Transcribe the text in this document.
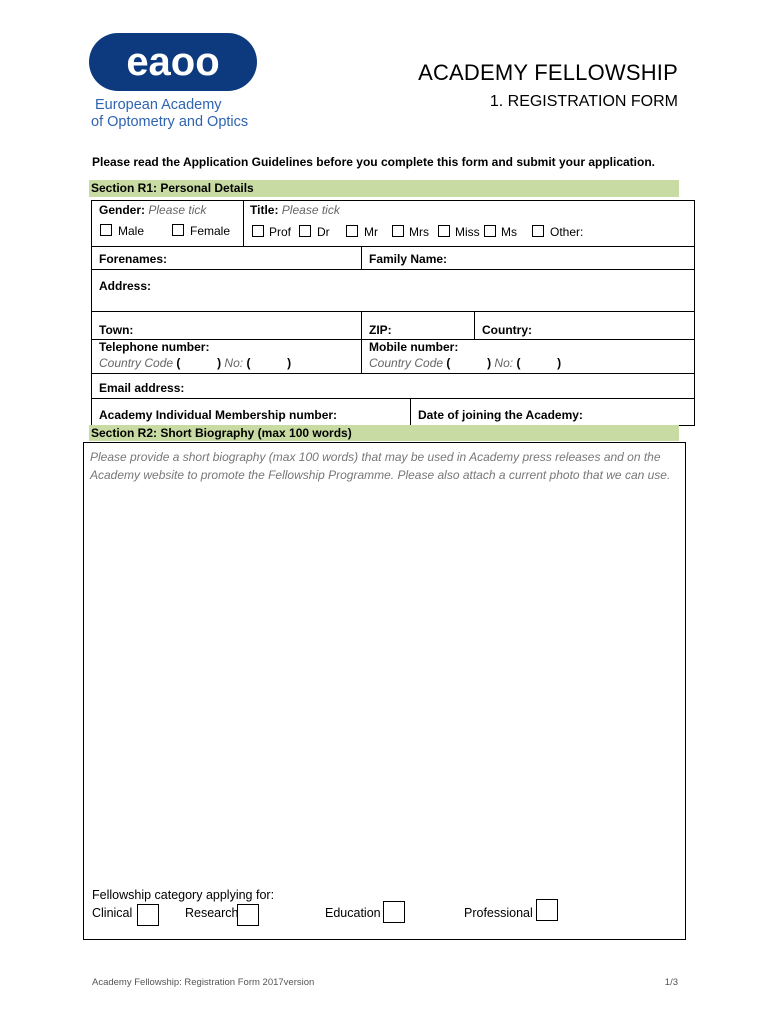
eaoo
European Academy
of Optometry and Optics
ACADEMY FELLOWSHIP
1. REGISTRATION FORM
Please read the Application Guidelines before you complete this form and submit your application.
Section R1: Personal Details
Gender: Please tick
Male	Female
Title: Please tick
Prof Dr	Mr	Mrs Miss Ms	Other:
Forenames:	Family Name:
Address:
Town:	ZIP:	Country:
Telephone number:	Mobile number:
Country Code (	) No: (	)	Country Code (	) No: (	)
Email address:
Academy Individual Membership number:	Date of joining the Academy:
Section R2: Short Biography (max 100 words)
Please provide a short biography (max 100 words) that may be used in Academy press releases and on the Academy website to promote the Fellowship Programme. Please also attach a current photo that we can use.
Fellowship category applying for:
Clinical	Research	Education	Professional
Academy Fellowship: Registration Form 2017version	1/3
